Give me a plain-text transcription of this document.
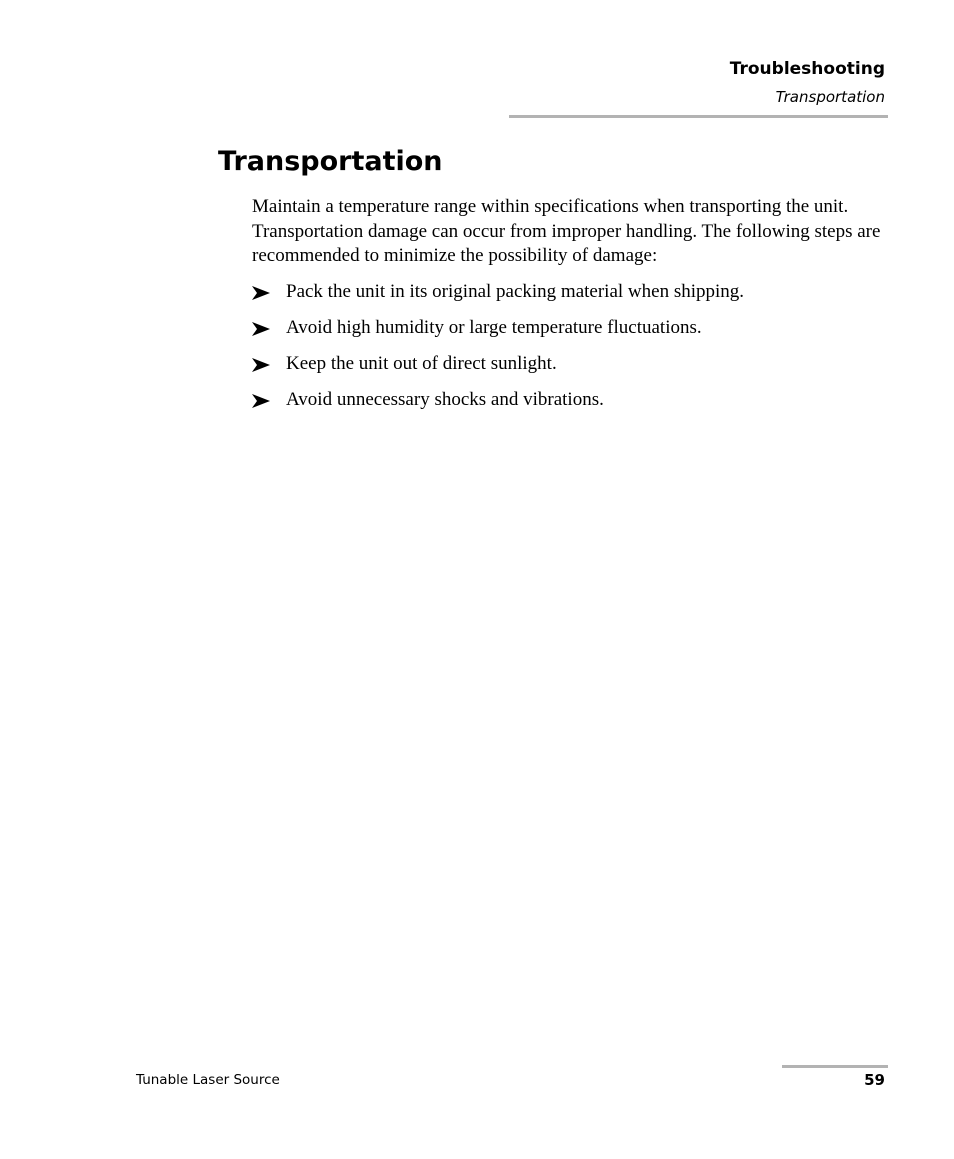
Troubleshooting
Transportation
Transportation

Maintain a temperature range within specifications when transporting the unit. Transportation damage can occur from improper handling. The following steps are recommended to minimize the possibility of damage:

Pack the unit in its original packing material when shipping.
Avoid high humidity or large temperature fluctuations.
Keep the unit out of direct sunlight.
Avoid unnecessary shocks and vibrations.
Tunable Laser Source	59
